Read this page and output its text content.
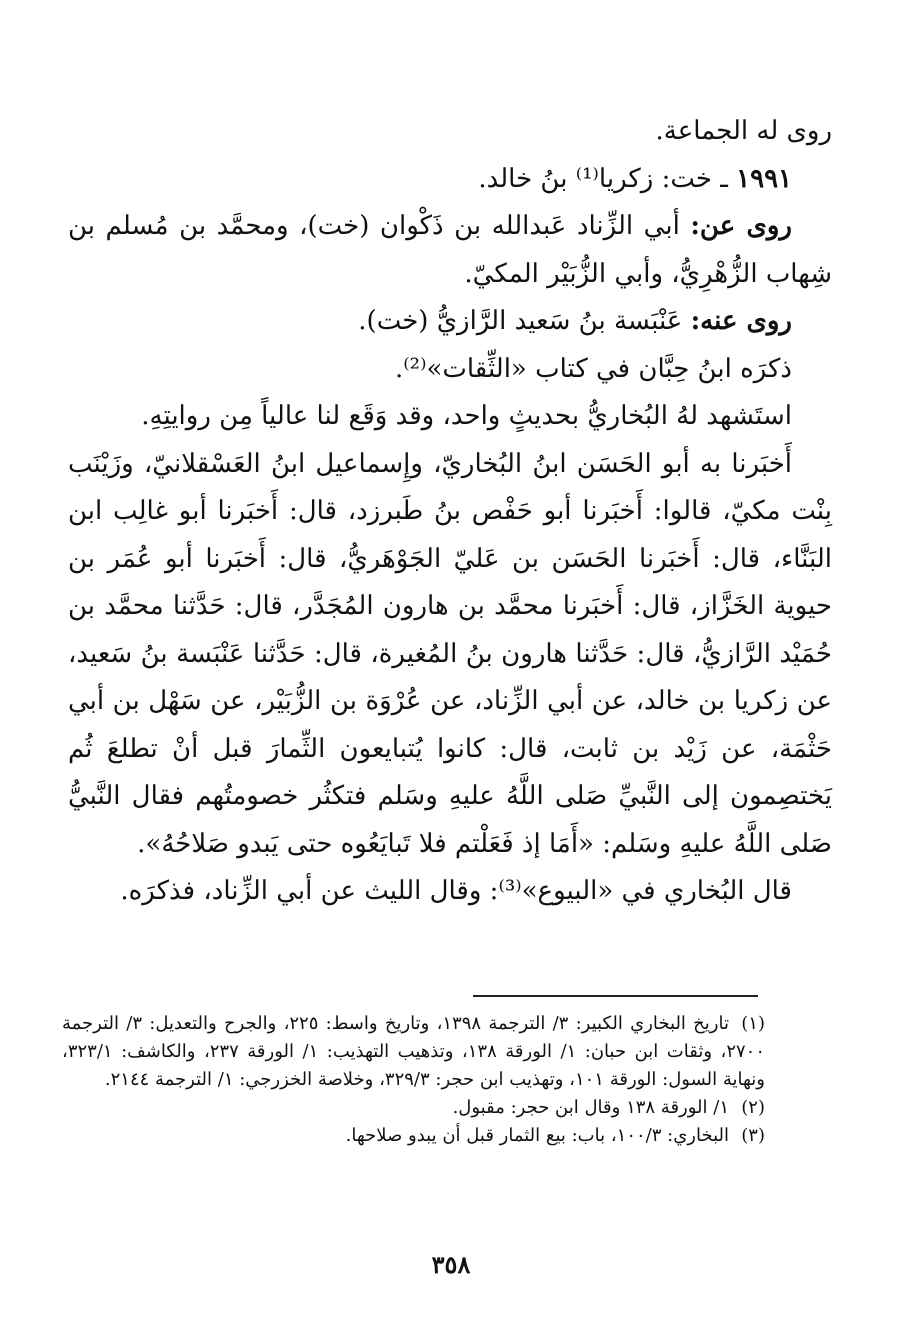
روى له الجماعة.

١٩٩١ ـ خت: زكريا⁽¹⁾ بنُ خالد.

روى عن: أبي الزِّناد عَبدالله بن ذَكْوان (خت)، ومحمَّد بن مُسلم بن شِهاب الزُّهْرِيُّ، وأبي الزُّبَيْر المكيّ.

روى عنه: عَنْبَسة بنُ سَعيد الرَّازيُّ (خت).

ذكرَه ابنُ حِبَّان في كتاب «الثِّقات»⁽²⁾.

استَشهد لهُ البُخاريُّ بحديثٍ واحد، وقد وَقَع لنا عالياً مِن روايتِهِ.

أَخبَرنا به أبو الحَسَن ابنُ البُخاريّ، وإِسماعيل ابنُ العَسْقلانيّ، وزَيْنَب بِنْت مكيّ، قالوا: أَخبَرنا أبو حَفْص بنُ طَبرزد، قال: أَخبَرنا أبو غالِب ابن البَنَّاء، قال: أَخبَرنا الحَسَن بن عَليّ الجَوْهَريُّ، قال: أَخبَرنا أبو عُمَر بن حيوية الخَزَّاز، قال: أَخبَرنا محمَّد بن هارون المُجَدَّر، قال: حَدَّثنا محمَّد بن حُمَيْد الرَّازيُّ، قال: حَدَّثنا هارون بنُ المُغيرة، قال: حَدَّثنا عَنْبَسة بنُ سَعيد، عن زكريا بن خالد، عن أبي الزِّناد، عن عُرْوَة بن الزُّبَيْر، عن سَهْل بن أبي حَثْمَة، عن زَيْد بن ثابت، قال: كانوا يُتبايعون الثِّمارَ قبل أنْ تطلعَ ثُم يَختصِمون إلى النَّبيِّ صَلى اللَّهُ عليهِ وسَلم فتكثُر خصومتُهم فقال النَّبيُّ صَلى اللَّهُ عليهِ وسَلم: «أَمَا إذ فَعَلْتم فلا تَبايَعُوه حتى يَبدو صَلاحُهُ».

قال البُخاري في «البيوع»⁽³⁾: وقال الليث عن أبي الزِّناد، فذكرَه.

(١)تاريخ البخاري الكبير: ٣/ الترجمة ١٣٩٨، وتاريخ واسط: ٢٢٥، والجرح والتعديل: ٣/ الترجمة ٢٧٠٠، وثقات ابن حبان: ١/ الورقة ١٣٨، وتذهيب التهذيب: ١/ الورقة ٢٣٧، والكاشف: ٣٢٣/١، ونهاية السول: الورقة ١٠١، وتهذيب ابن حجر: ٣٢٩/٣، وخلاصة الخزرجي: ١/ الترجمة ٢١٤٤.

(٢)١/ الورقة ١٣٨ وقال ابن حجر: مقبول.

(٣)البخاري: ١٠٠/٣، باب: بيع الثمار قبل أن يبدو صلاحها.

٣٥٨
